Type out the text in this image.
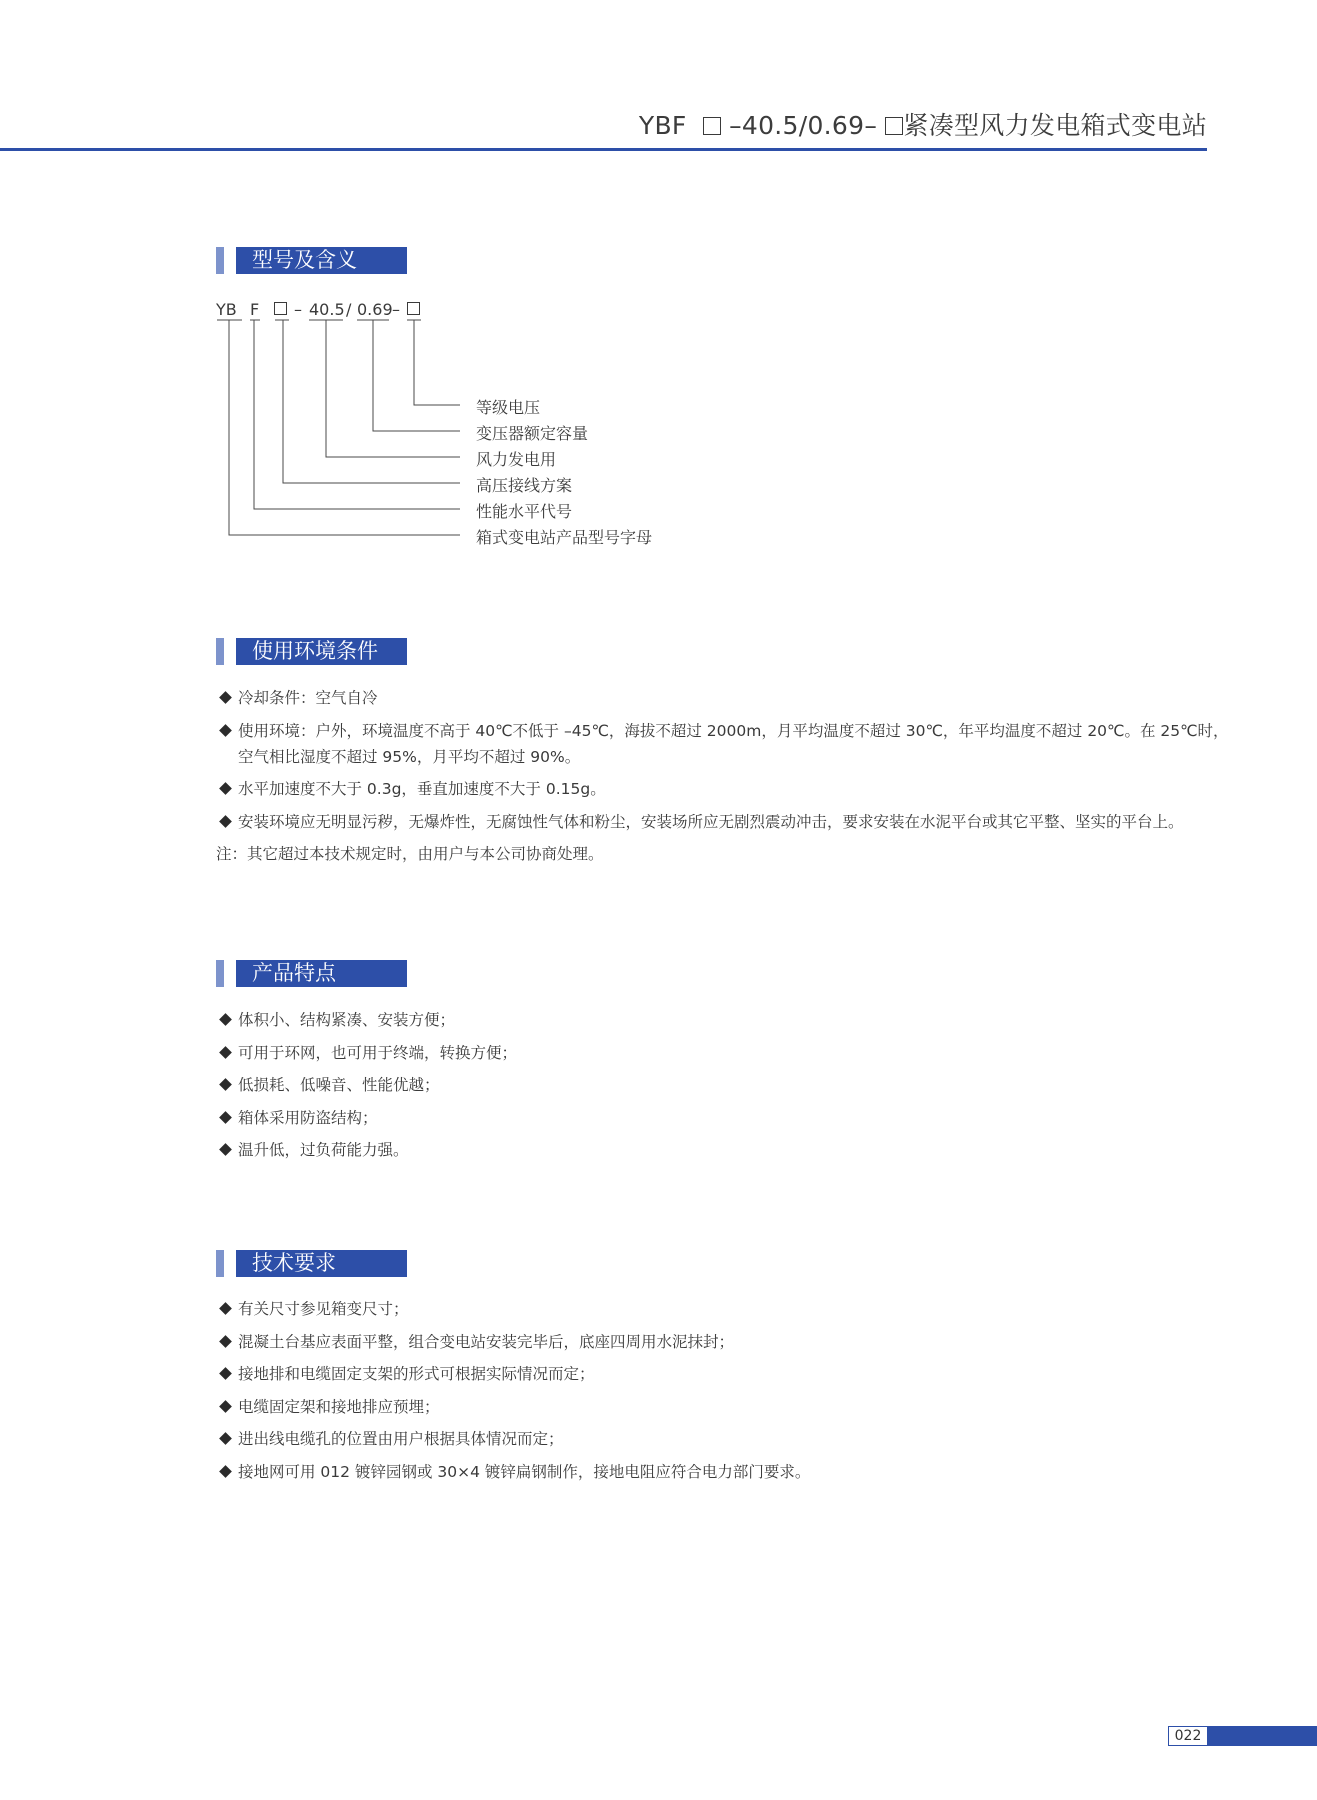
YBF  –40.5/0.69– 紧凑型风力发电箱式变电站
型号及含义
YB F – 40.5 / 0.69 –
等级电压
变压器额定容量
风力发电用
高压接线方案
性能水平代号
箱式变电站产品型号字母
使用环境条件
冷却条件：空气自冷
使用环境：户外，环境温度不高于 40℃不低于 –45℃，海拔不超过 2000m，月平均温度不超过 30℃，年平均温度不超过 20℃。在 25℃时，
空气相比湿度不超过 95%，月平均不超过 90%。
水平加速度不大于 0.3g，垂直加速度不大于 0.15g。
安装环境应无明显污秽，无爆炸性，无腐蚀性气体和粉尘，安装场所应无剧烈震动冲击，要求安装在水泥平台或其它平整、坚实的平台上。
注：其它超过本技术规定时，由用户与本公司协商处理。
产品特点
体积小、结构紧凑、安装方便；
可用于环网，也可用于终端，转换方便；
低损耗、低噪音、性能优越；
箱体采用防盗结构；
温升低，过负荷能力强。
技术要求
有关尺寸参见箱变尺寸；
混凝土台基应表面平整，组合变电站安装完毕后，底座四周用水泥抹封；
接地排和电缆固定支架的形式可根据实际情况而定；
电缆固定架和接地排应预埋；
进出线电缆孔的位置由用户根据具体情况而定；
接地网可用 012 镀锌园钢或 30×4 镀锌扁钢制作，接地电阻应符合电力部门要求。
022
